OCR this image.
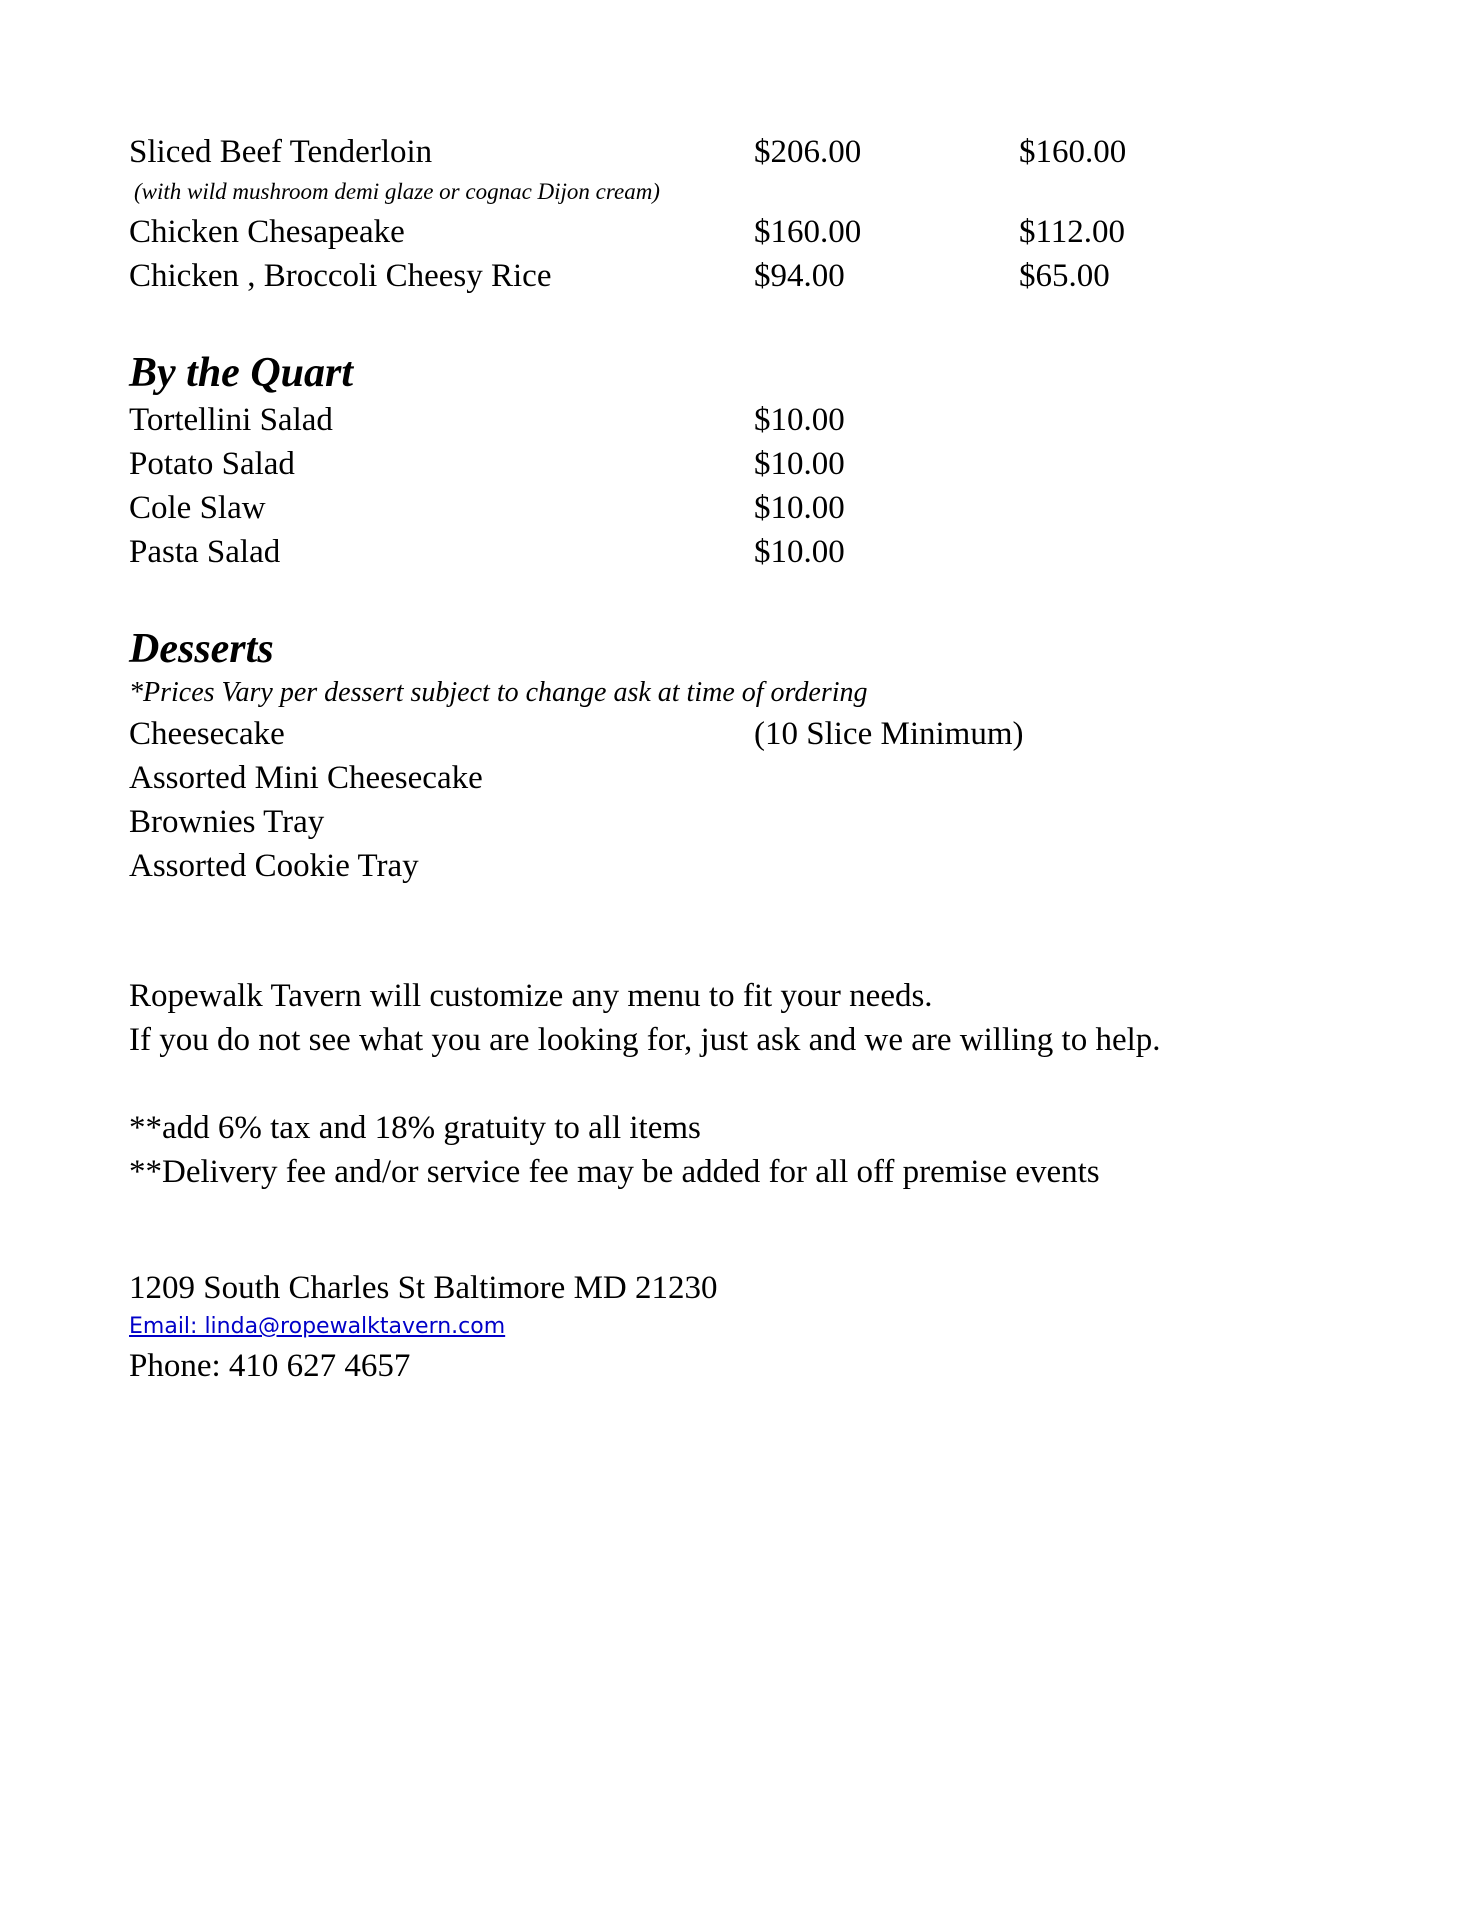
Sliced Beef Tenderloin	$206.00	$160.00
(with wild mushroom demi glaze or cognac Dijon cream)
Chicken Chesapeake	$160.00	$112.00
Chicken , Broccoli Cheesy Rice	$94.00	$65.00
By the Quart
Tortellini Salad	$10.00
Potato Salad	$10.00
Cole Slaw	$10.00
Pasta Salad	$10.00
Desserts
*Prices Vary per dessert subject to change ask at time of ordering
Cheesecake	(10 Slice Minimum)
Assorted Mini Cheesecake
Brownies Tray
Assorted Cookie Tray
Ropewalk Tavern will customize any menu to fit your needs.
If you do not see what you are looking for, just ask and we are willing to help.
**add 6% tax and 18% gratuity to all items
**Delivery fee and/or service fee may be added for all off premise events
1209 South Charles St Baltimore MD 21230
Email: linda@ropewalktavern.com
Phone: 410 627 4657
